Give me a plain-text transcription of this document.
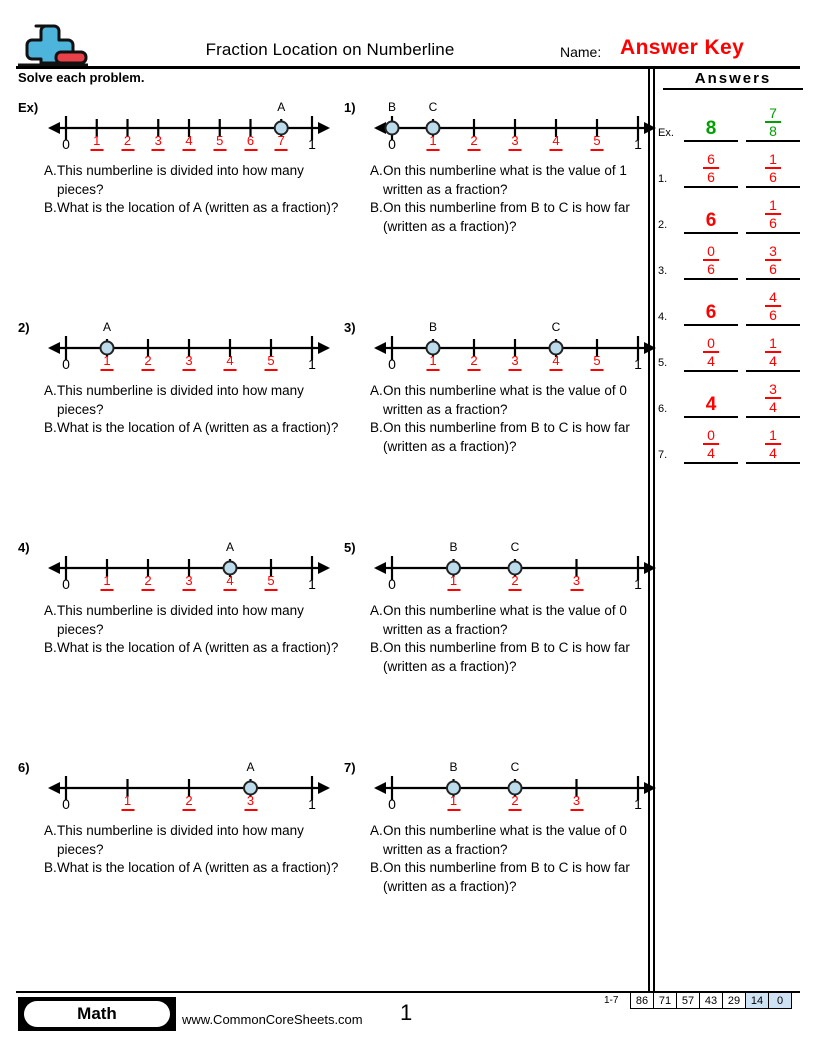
Fraction Location on Numberline	Name: Answer Key
Solve each problem.	Answers
Ex.	8	$\frac{7}{8}$
1.	$\frac{6}{6}$	$\frac{1}{6}$
2.	6	$\frac{1}{6}$
3.	$\frac{0}{6}$	$\frac{3}{6}$
4.	6	$\frac{4}{6}$
5.	$\frac{0}{4}$	$\frac{1}{4}$
6.	4	$\frac{3}{4}$
7.	$\frac{0}{4}$	$\frac{1}{4}$
Ex)	A
0	1
1 2 3 4 5 6 7
A. This numberline is divided into how many pieces?
B. What is the location of A (written as a fraction)?
1)	B	C
0	1
1	2	3	4	5
A. On this numberline what is the value of 1 written as a fraction?
B. On this numberline from B to C is how far (written as a fraction)?
2)	A
0	1
1	2	3	4	5
A. This numberline is divided into how many pieces?
B. What is the location of A (written as a fraction)?
3)	B	C
0	1
1	2	3	4	5
A. On this numberline what is the value of 0 written as a fraction?
B. On this numberline from B to C is how far (written as a fraction)?
4)	A
0	1
1	2	3	4	5
A. This numberline is divided into how many pieces?
B. What is the location of A (written as a fraction)?
5)	B	C
0	1
1	2	3
A. On this numberline what is the value of 0 written as a fraction?
B. On this numberline from B to C is how far (written as a fraction)?
6)	A
0	1
1	2	3
A. This numberline is divided into how many pieces?
B. What is the location of A (written as a fraction)?
7)	B	C
0	1
1	2	3
A. On this numberline what is the value of 0 written as a fraction?
B. On this numberline from B to C is how far (written as a fraction)?
Math	www.CommonCoreSheets.com 1	1-7	86 71 57 43 29 14	0
